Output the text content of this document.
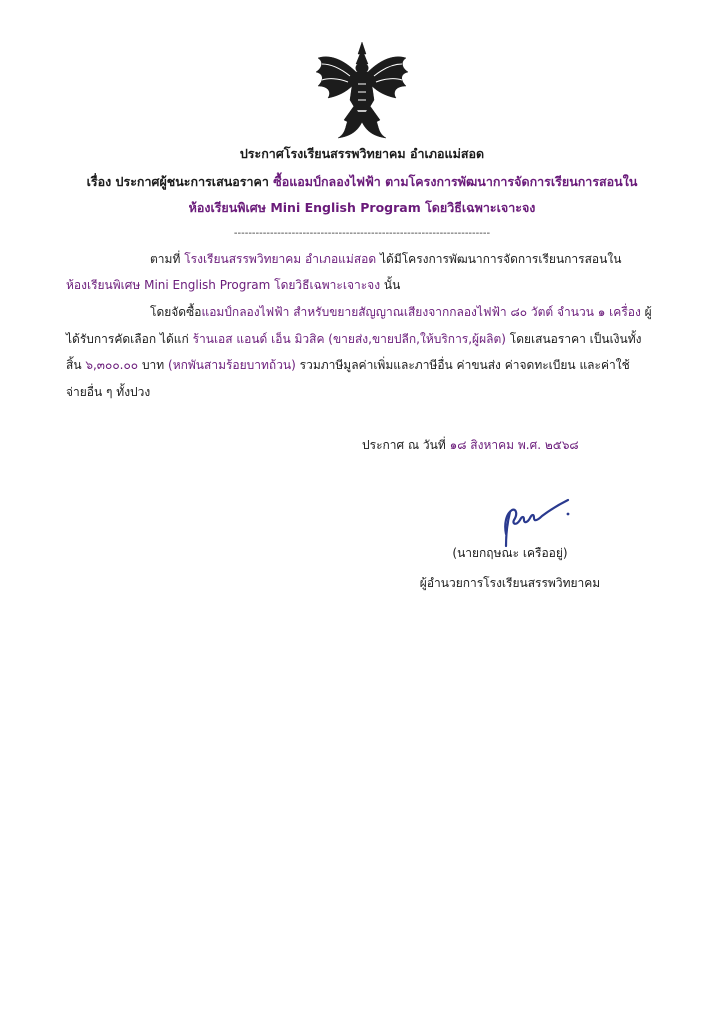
ประกาศโรงเรียนสรรพวิทยาคม อำเภอแม่สอด
เรื่อง ประกาศผู้ชนะการเสนอราคา ซื้อแอมป์กลองไฟฟ้า ตามโครงการพัฒนาการจัดการเรียนการสอนใน
ห้องเรียนพิเศษ Mini English Program โดยวิธีเฉพาะเจาะจง
-----------------------------------------------------------------------
ตามที่ โรงเรียนสรรพวิทยาคม อำเภอแม่สอด ได้มีโครงการพัฒนาการจัดการเรียนการสอนใน
ห้องเรียนพิเศษ Mini English Program โดยวิธีเฉพาะเจาะจง นั้น
โดยจัดซื้อแอมป์กลองไฟฟ้า สำหรับขยายสัญญาณเสียงจากกลองไฟฟ้า ๘๐ วัตต์ จำนวน ๑ เครื่อง ผู้
ได้รับการคัดเลือก ได้แก่ ร้านเอส แอนด์ เอ็น มิวสิค (ขายส่ง,ขายปลีก,ให้บริการ,ผู้ผลิต) โดยเสนอราคา เป็นเงินทั้ง
สิ้น ๖,๓๐๐.๐๐ บาท (หกพันสามร้อยบาทถ้วน) รวมภาษีมูลค่าเพิ่มและภาษีอื่น ค่าขนส่ง ค่าจดทะเบียน และค่าใช้
จ่ายอื่น ๆ ทั้งปวง
ประกาศ ณ วันที่ ๑๘ สิงหาคม พ.ศ. ๒๕๖๘
(นายกฤษณะ เครืออยู่)
ผู้อำนวยการโรงเรียนสรรพวิทยาคม
